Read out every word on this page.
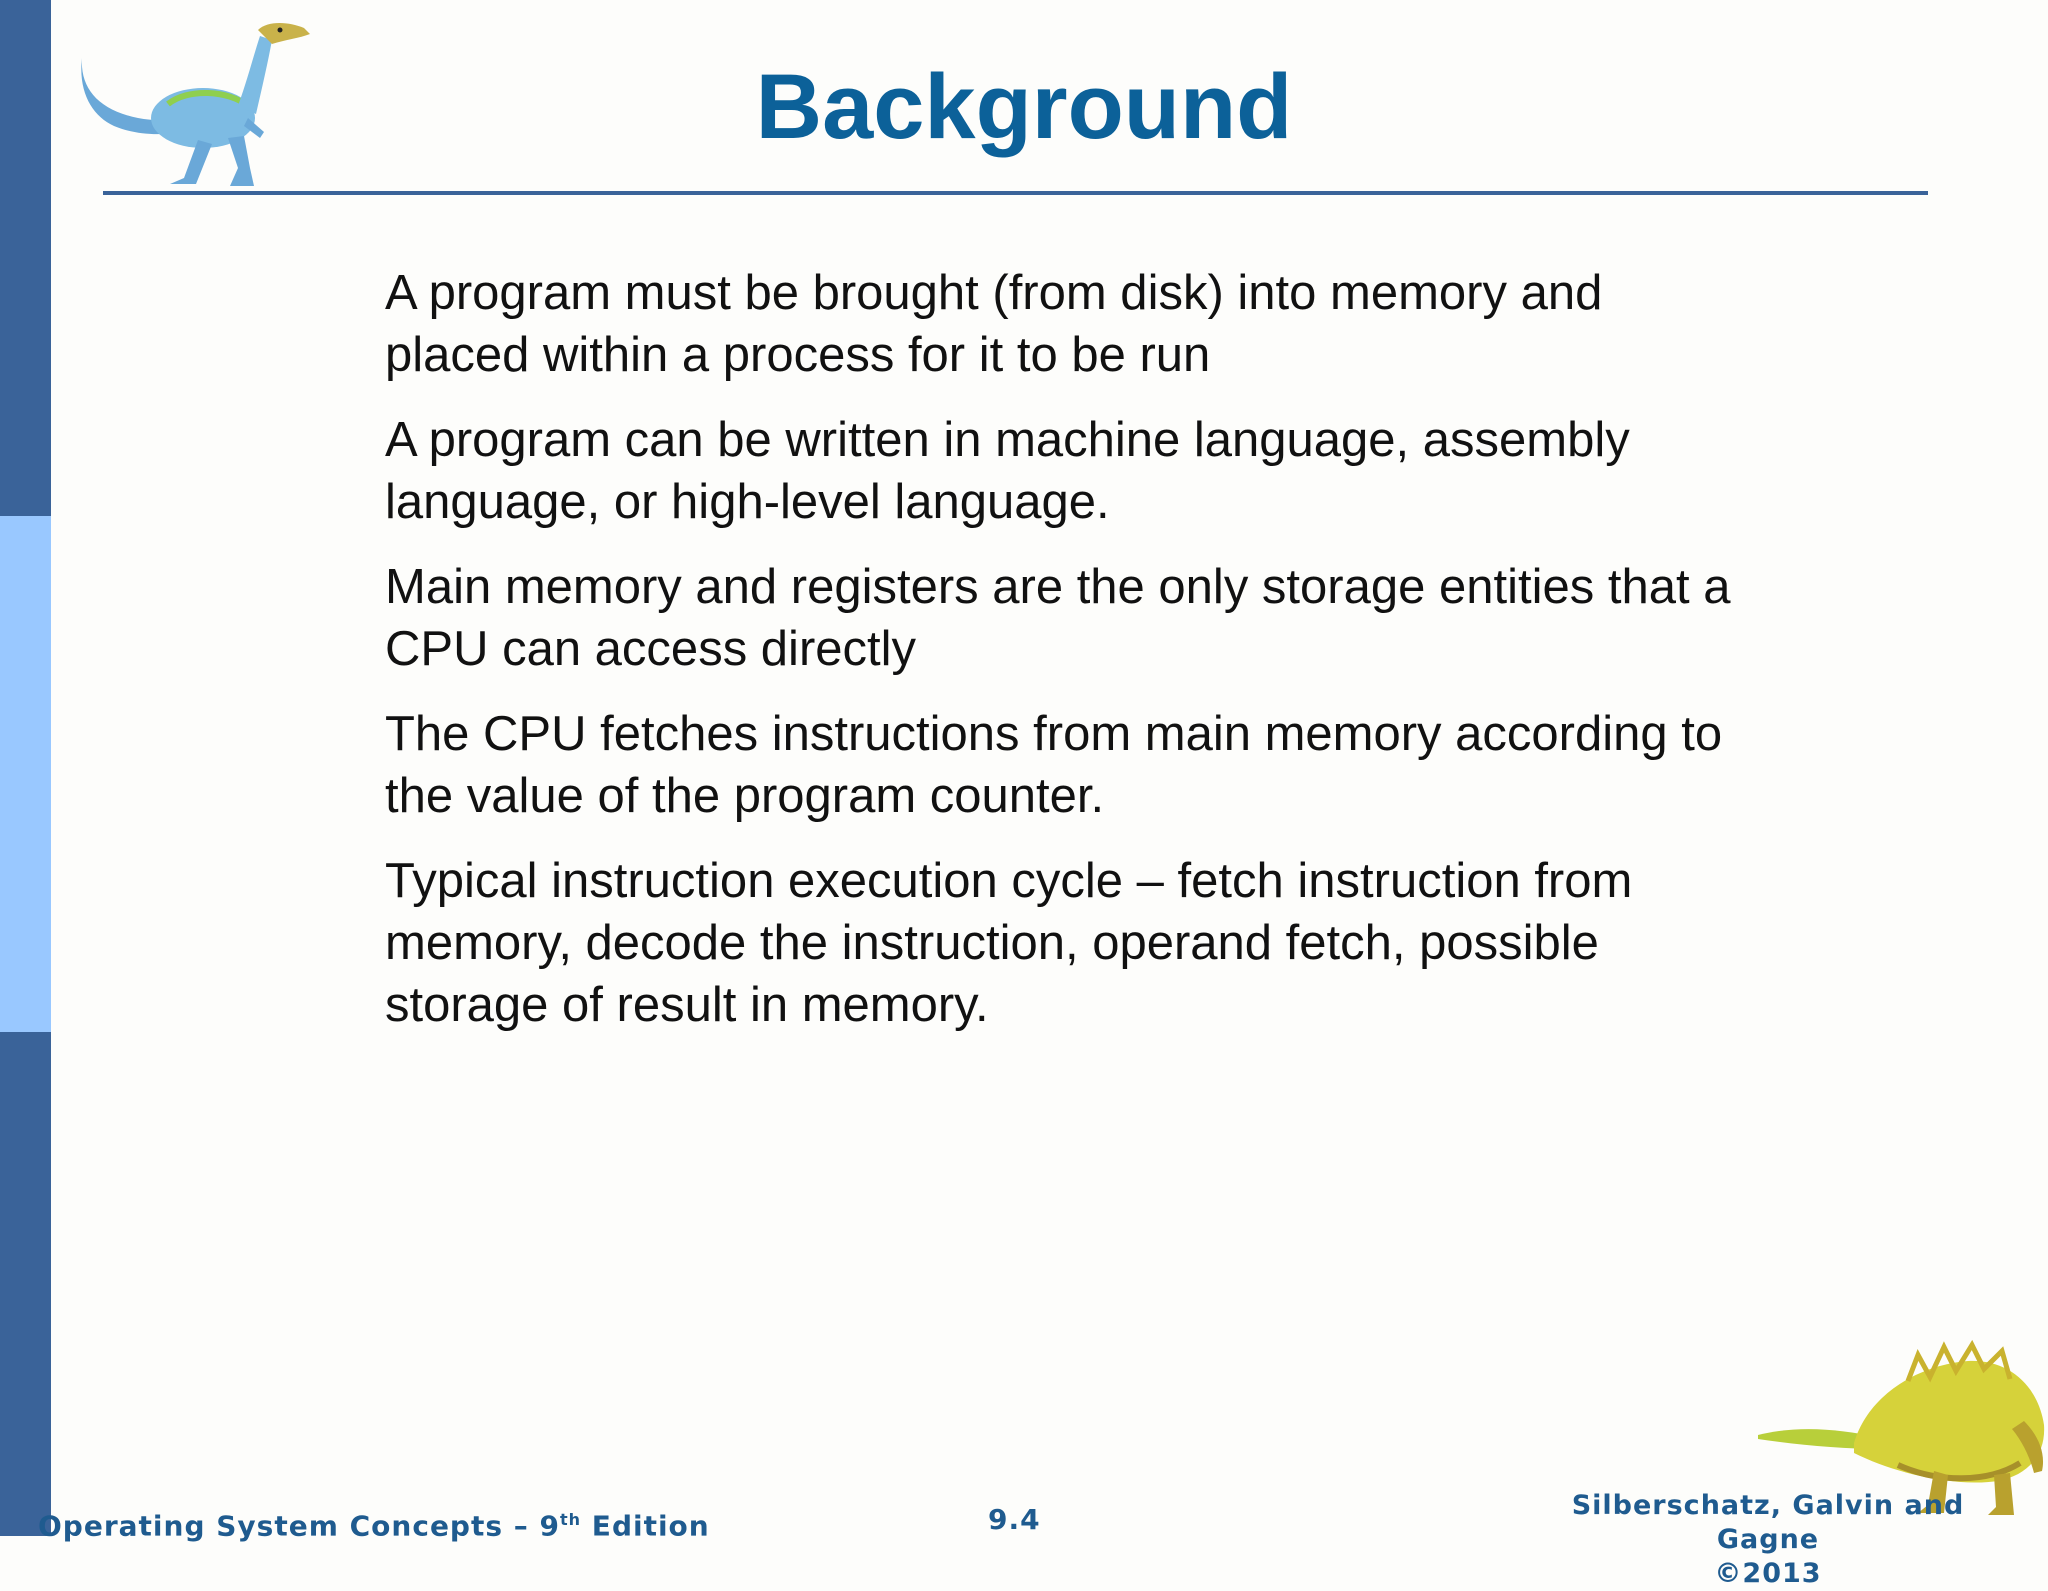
Background
A program must be brought (from disk) into memory and
placed within a process for it to be run
A program can be written in machine language, assembly
language, or high-level language.
Main memory and registers are the only storage entities that a
CPU can access directly
The CPU fetches instructions from main memory according to
the value of the program counter.
Typical instruction execution cycle – fetch instruction from
memory, decode the instruction, operand fetch, possible
storage of result in memory.
Operating System Concepts – 9th Edition	9.4	Silberschatz, Galvin and Gagne
©2013
